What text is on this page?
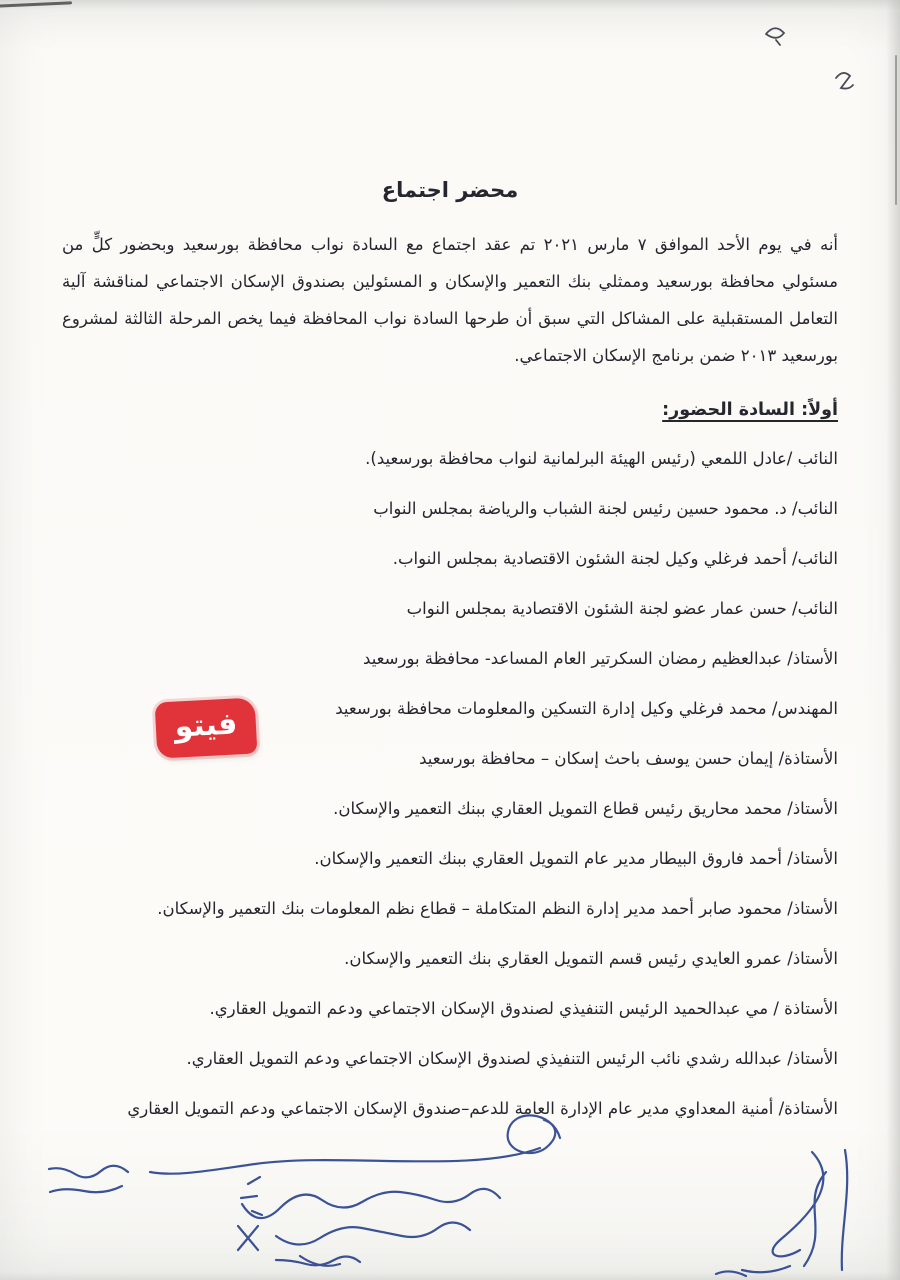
محضر اجتماع

أنه في يوم الأحد الموافق ٧ مارس ٢٠٢١ تم عقد اجتماع مع السادة نواب محافظة بورسعيد وبحضور كلٍّ من مسئولي محافظة بورسعيد وممثلي بنك التعمير والإسكان و المسئولين بصندوق الإسكان الاجتماعي لمناقشة آلية التعامل المستقبلية على المشاكل التي سبق أن طرحها السادة نواب المحافظة فيما يخص المرحلة الثالثة لمشروع بورسعيد ٢٠١٣ ضمن برنامج الإسكان الاجتماعي.

أولاً: السادة الحضور:

النائب /عادل اللمعي (رئيس الهيئة البرلمانية لنواب محافظة بورسعيد).

النائب/ د. محمود حسين رئيس لجنة الشباب والرياضة بمجلس النواب

النائب/ أحمد فرغلي وكيل لجنة الشئون الاقتصادية بمجلس النواب.

النائب/ حسن عمار عضو لجنة الشئون الاقتصادية بمجلس النواب

الأستاذ/ عبدالعظيم رمضان السكرتير العام المساعد- محافظة بورسعيد

المهندس/ محمد فرغلي وكيل إدارة التسكين والمعلومات محافظة بورسعيد

الأستاذة/ إيمان حسن يوسف باحث إسكان – محافظة بورسعيد

الأستاذ/ محمد محاريق رئيس قطاع التمويل العقاري ببنك التعمير والإسكان.

الأستاذ/ أحمد فاروق البيطار مدير عام التمويل العقاري ببنك التعمير والإسكان.

الأستاذ/ محمود صابر أحمد مدير إدارة النظم المتكاملة – قطاع نظم المعلومات بنك التعمير والإسكان.

الأستاذ/ عمرو العايدي رئيس قسم التمويل العقاري بنك التعمير والإسكان.

الأستاذة / مي عبدالحميد الرئيس التنفيذي لصندوق الإسكان الاجتماعي ودعم التمويل العقاري.

الأستاذ/ عبدالله رشدي نائب الرئيس التنفيذي لصندوق الإسكان الاجتماعي ودعم التمويل العقاري.

الأستاذة/ أمنية المعداوي مدير عام الإدارة العامة للدعم–صندوق الإسكان الاجتماعي ودعم التمويل العقاري

فيتو
